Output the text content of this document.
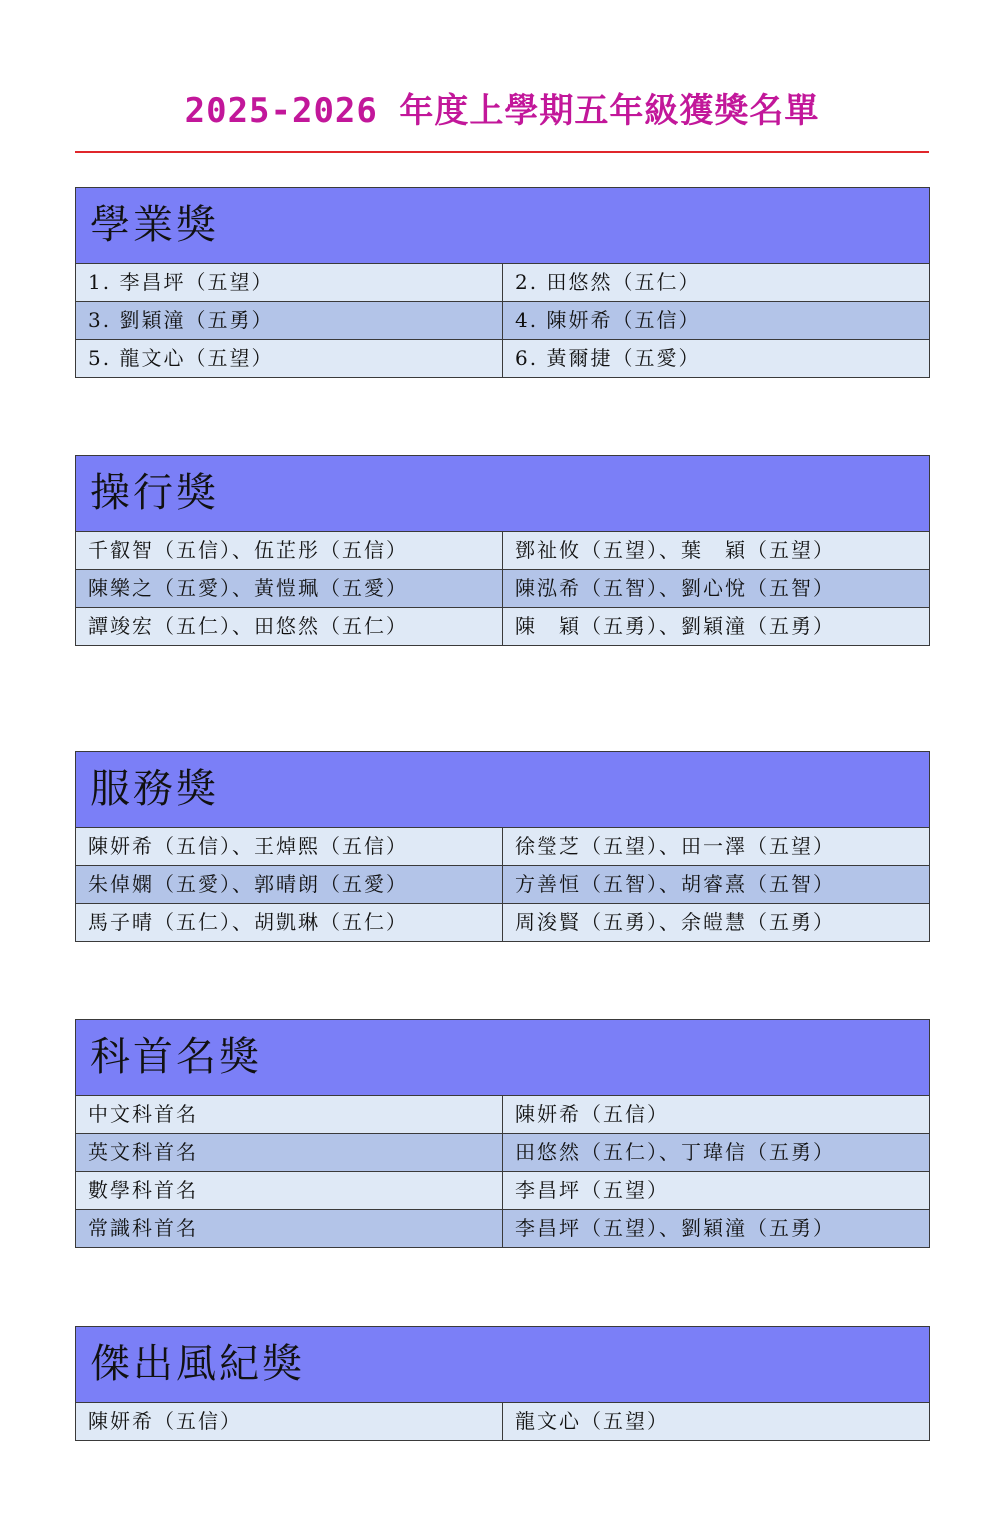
2025-2026 年度上學期五年級獲獎名單
學業獎	
1. 李昌坪（五望）	2. 田悠然（五仁）
3. 劉穎潼（五勇）	4. 陳妍希（五信）
5. 龍文心（五望）	6. 黃爾捷（五愛）
操行獎	
千叡智（五信）、伍芷彤（五信）	鄧祉攸（五望）、葉　穎（五望）
陳樂之（五愛）、黃愷珮（五愛）	陳泓希（五智）、劉心悅（五智）
譚竣宏（五仁）、田悠然（五仁）	陳　穎（五勇）、劉穎潼（五勇）
服務獎	
陳妍希（五信）、王焯熙（五信）	徐瑩芝（五望）、田一澤（五望）
朱倬嫻（五愛）、郭晴朗（五愛）	方善恒（五智）、胡睿熹（五智）
馬子晴（五仁）、胡凱琳（五仁）	周浚賢（五勇）、余皚慧（五勇）
科首名獎	
中文科首名	陳妍希（五信）
英文科首名	田悠然（五仁）、丁瑋信（五勇）
數學科首名	李昌坪（五望）
常識科首名	李昌坪（五望）、劉穎潼（五勇）
傑出風紀獎
陳妍希（五信）	龍文心（五望）
